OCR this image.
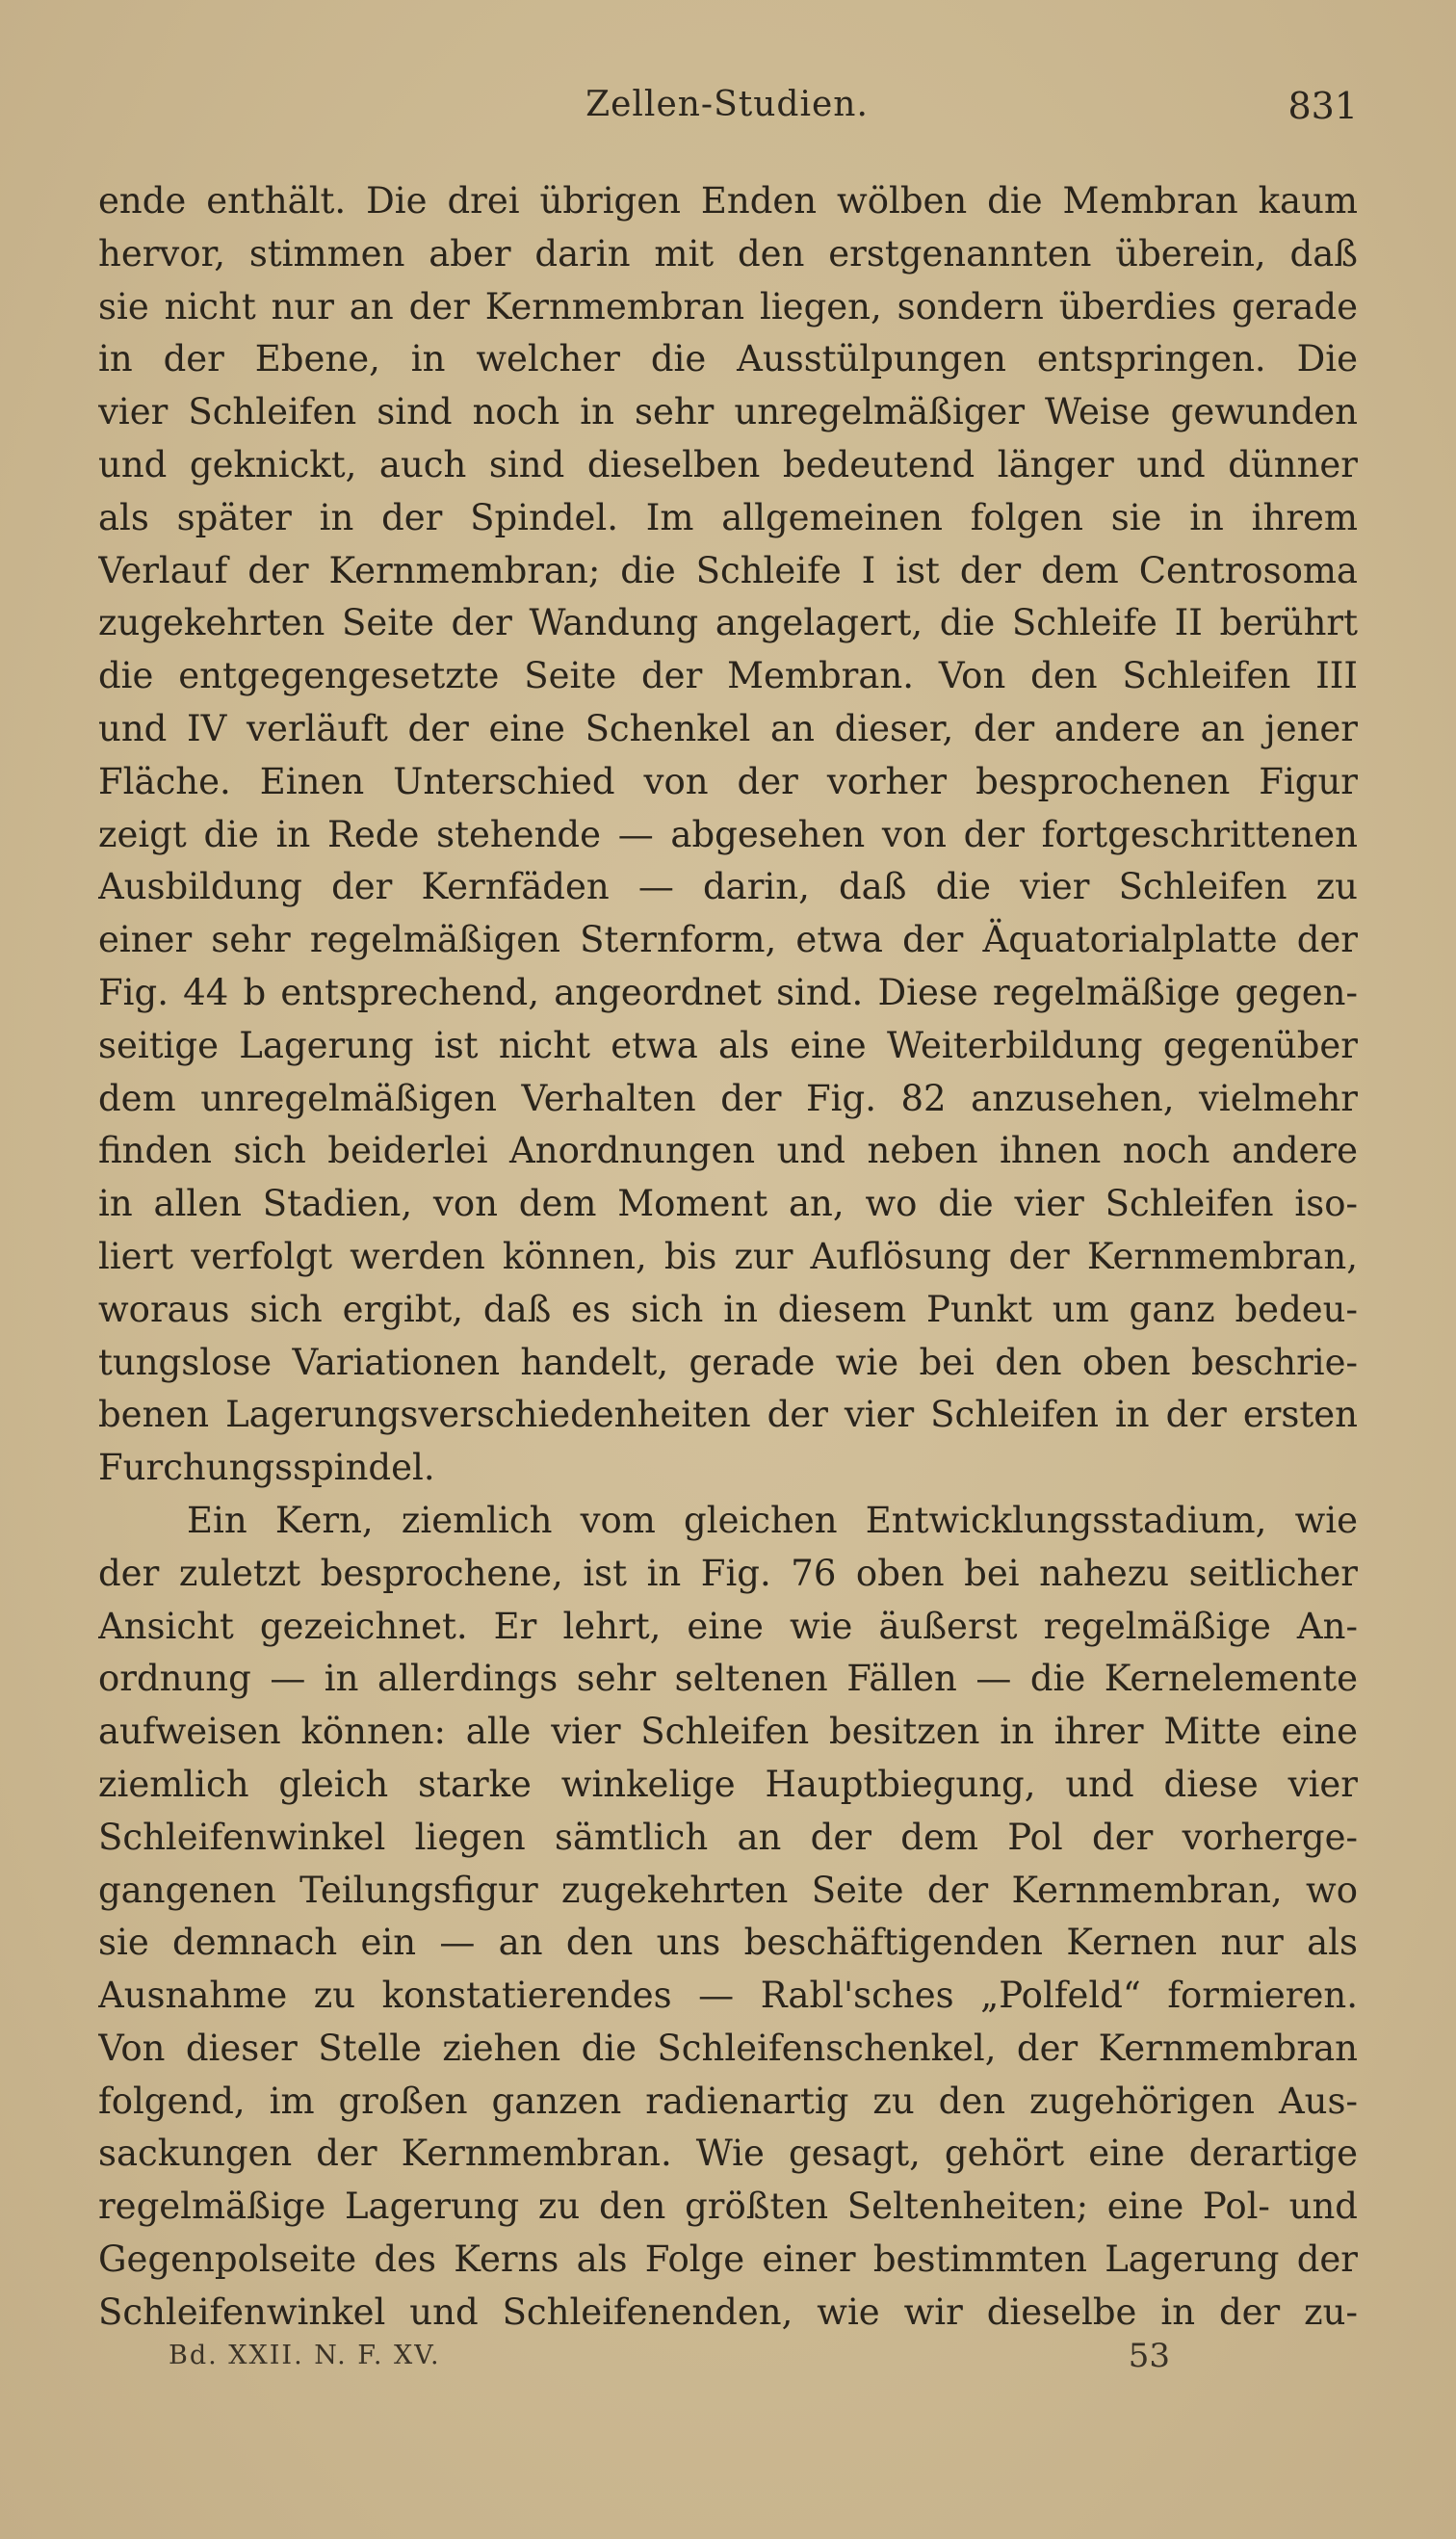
Zellen-Studien.	831
ende enthält. Die drei übrigen Enden wölben die Membran kaum
hervor, stimmen aber darin mit den erstgenannten überein, daß
sie nicht nur an der Kernmembran liegen, sondern überdies gerade
in der Ebene, in welcher die Ausstülpungen entspringen. Die
vier Schleifen sind noch in sehr unregelmäßiger Weise gewunden
und geknickt, auch sind dieselben bedeutend länger und dünner
als später in der Spindel. Im allgemeinen folgen sie in ihrem
Verlauf der Kernmembran; die Schleife I ist der dem Centrosoma
zugekehrten Seite der Wandung angelagert, die Schleife II berührt
die entgegengesetzte Seite der Membran. Von den Schleifen III
und IV verläuft der eine Schenkel an dieser, der andere an jener
Fläche. Einen Unterschied von der vorher besprochenen Figur
zeigt die in Rede stehende — abgesehen von der fortgeschrittenen
Ausbildung der Kernfäden — darin, daß die vier Schleifen zu
einer sehr regelmäßigen Sternform, etwa der Äquatorialplatte der
Fig. 44 b entsprechend, angeordnet sind. Diese regelmäßige gegen-
seitige Lagerung ist nicht etwa als eine Weiterbildung gegenüber
dem unregelmäßigen Verhalten der Fig. 82 anzusehen, vielmehr
finden sich beiderlei Anordnungen und neben ihnen noch andere
in allen Stadien, von dem Moment an, wo die vier Schleifen iso-
liert verfolgt werden können, bis zur Auflösung der Kernmembran,
woraus sich ergibt, daß es sich in diesem Punkt um ganz bedeu-
tungslose Variationen handelt, gerade wie bei den oben beschrie-
benen Lagerungsverschiedenheiten der vier Schleifen in der ersten
Furchungsspindel.
Ein Kern, ziemlich vom gleichen Entwicklungsstadium, wie
der zuletzt besprochene, ist in Fig. 76 oben bei nahezu seitlicher
Ansicht gezeichnet. Er lehrt, eine wie äußerst regelmäßige An-
ordnung — in allerdings sehr seltenen Fällen — die Kernelemente
aufweisen können: alle vier Schleifen besitzen in ihrer Mitte eine
ziemlich gleich starke winkelige Hauptbiegung, und diese vier
Schleifenwinkel liegen sämtlich an der dem Pol der vorherge-
gangenen Teilungsfigur zugekehrten Seite der Kernmembran, wo
sie demnach ein — an den uns beschäftigenden Kernen nur als
Ausnahme zu konstatierendes — Rabl'sches „Polfeld“ formieren.
Von dieser Stelle ziehen die Schleifenschenkel, der Kernmembran
folgend, im großen ganzen radienartig zu den zugehörigen Aus-
sackungen der Kernmembran. Wie gesagt, gehört eine derartige
regelmäßige Lagerung zu den größten Seltenheiten; eine Pol- und
Gegenpolseite des Kerns als Folge einer bestimmten Lagerung der
Schleifenwinkel und Schleifenenden, wie wir dieselbe in der zu-
Bd. XXII. N. F. XV.	53
